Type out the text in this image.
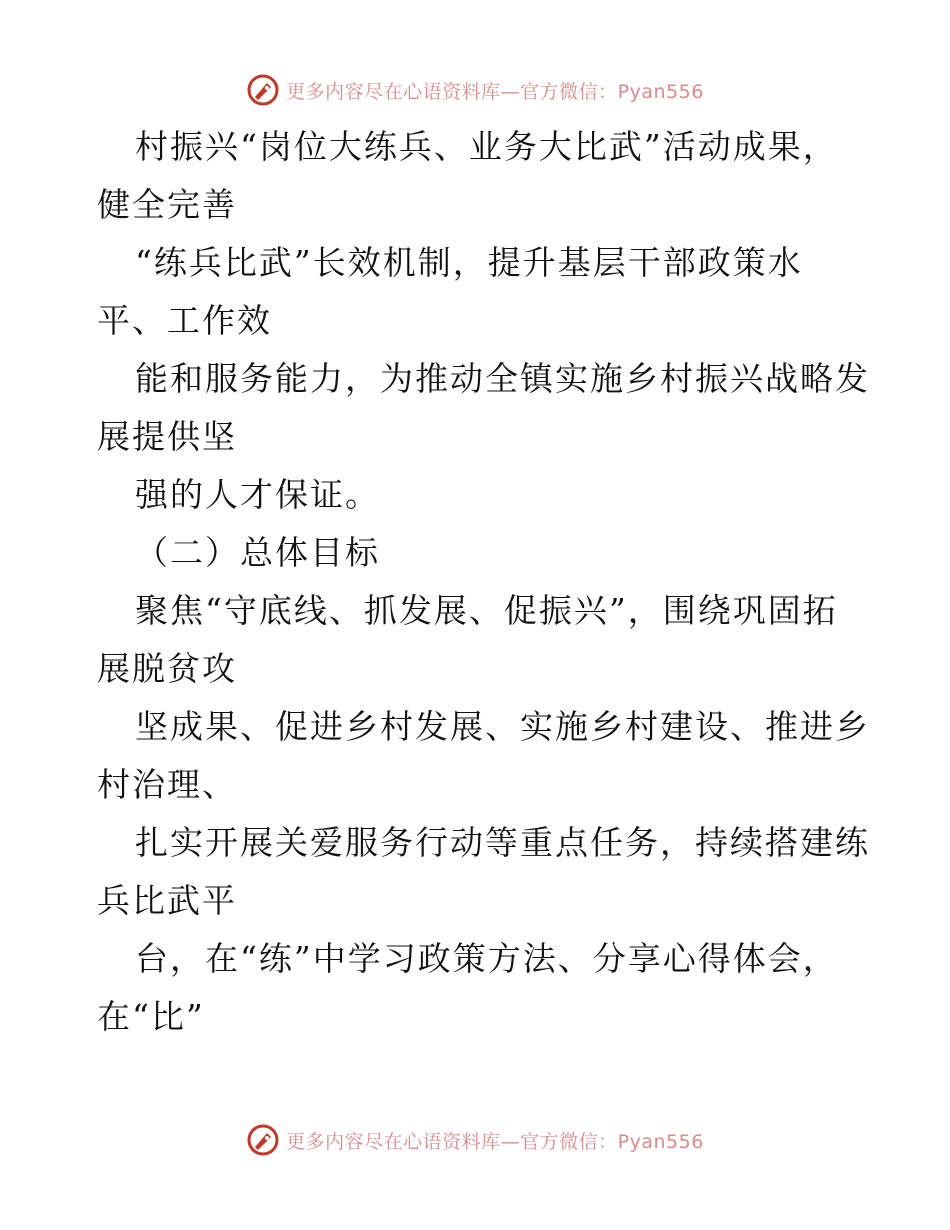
更多内容尽在心语资料库—官方微信：Pyan556
村振兴“岗位大练兵、业务大比武”活动成果，
健全完善
“练兵比武”长效机制，提升基层干部政策水
平、工作效
能和服务能力，为推动全镇实施乡村振兴战略发
展提供坚
强的人才保证。
（二）总体目标
聚焦“守底线、抓发展、促振兴”，围绕巩固拓
展脱贫攻
坚成果、促进乡村发展、实施乡村建设、推进乡
村治理、
扎实开展关爱服务行动等重点任务，持续搭建练
兵比武平
台，在“练”中学习政策方法、分享心得体会，
在“比”
更多内容尽在心语资料库—官方微信：Pyan556
